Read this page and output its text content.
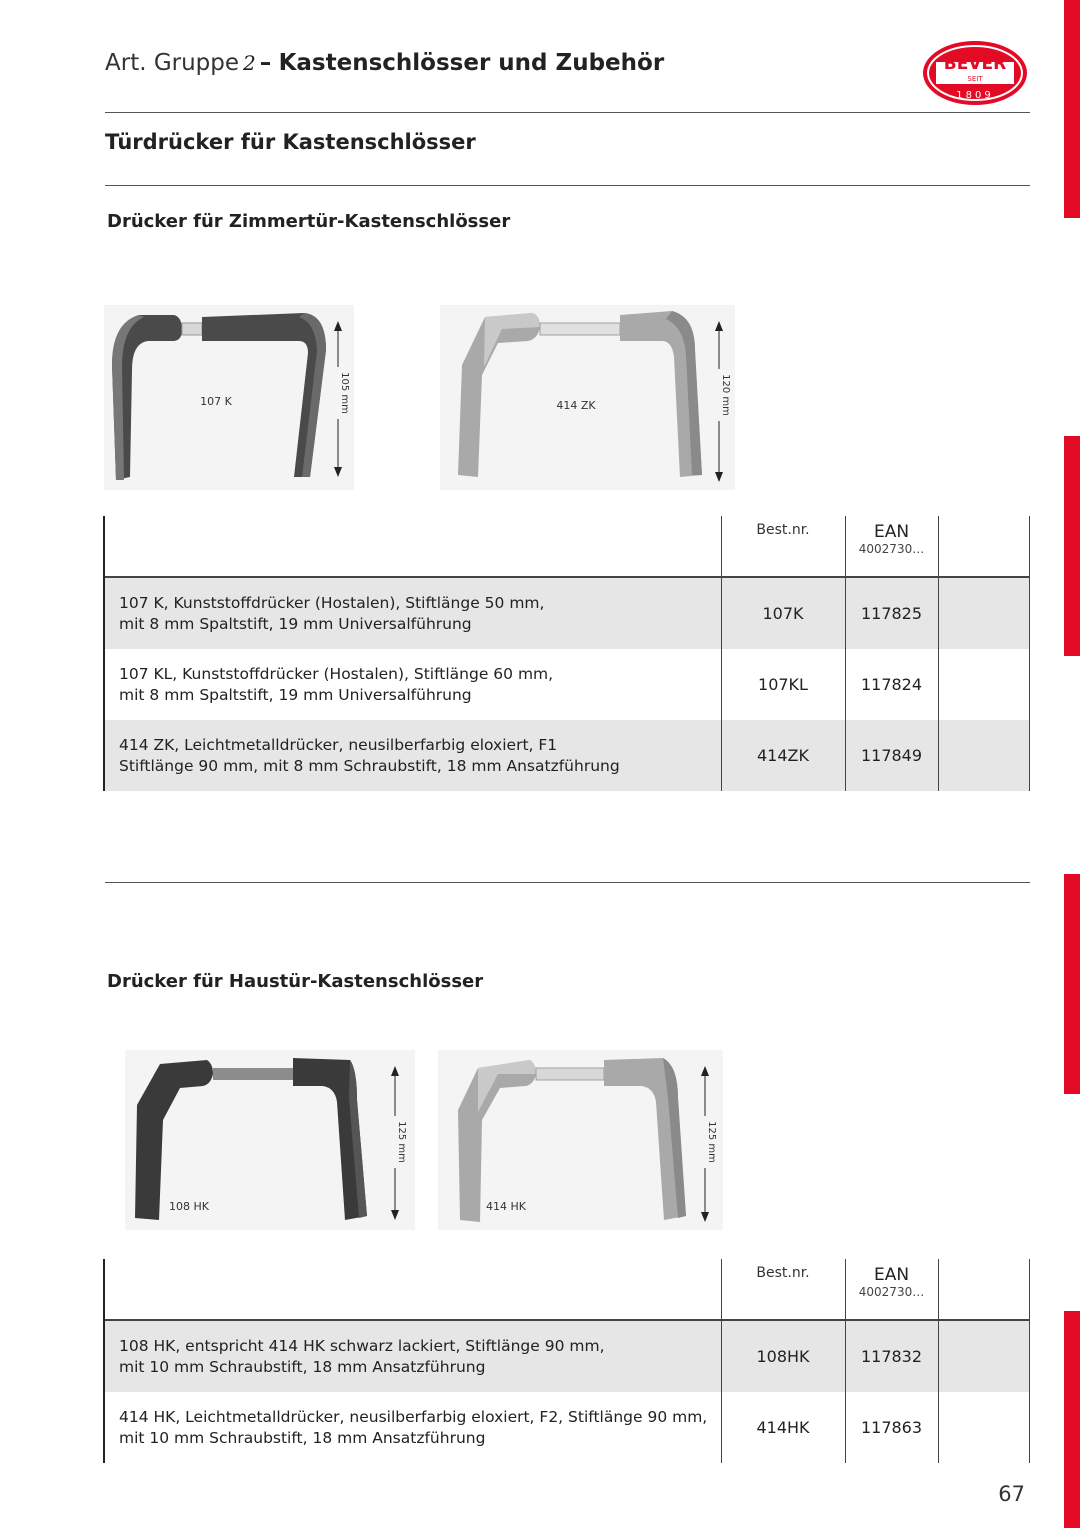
Art. Gruppe 2 – Kastenschlösser und Zubehör	BEVER
SEIT
1809
Türdrücker für Kastenschlösser
Drücker für Zimmertür-Kastenschlösser
105 mm
107 K	120 mm
414 ZK

	Best.nr.	EAN
4002730…	

107 K, Kunststoffdrücker (Hostalen), Stiftlänge 50 mm,
mit 8 mm Spaltstift, 19 mm Universalführung	107K	117825	
107 KL, Kunststoffdrücker (Hostalen), Stiftlänge 60 mm,
mit 8 mm Spaltstift, 19 mm Universalführung	107KL	117824	
414 ZK, Leichtmetalldrücker, neusilberfarbig eloxiert, F1
Stiftlänge 90 mm, mit 8 mm Schraubstift, 18 mm Ansatzführung	414ZK	117849	
Drücker für Haustür-Kastenschlösser
125 mm
108 HK
125 mm
414 HK

	Best.nr.	EAN
4002730…	

108 HK, entspricht 414 HK schwarz lackiert, Stiftlänge 90 mm,
mit 10 mm Schraubstift, 18 mm Ansatzführung	108HK	117832	
414 HK, Leichtmetalldrücker, neusilberfarbig eloxiert, F2, Stiftlänge 90 mm,
mit 10 mm Schraubstift, 18 mm Ansatzführung	414HK	117863	
67
